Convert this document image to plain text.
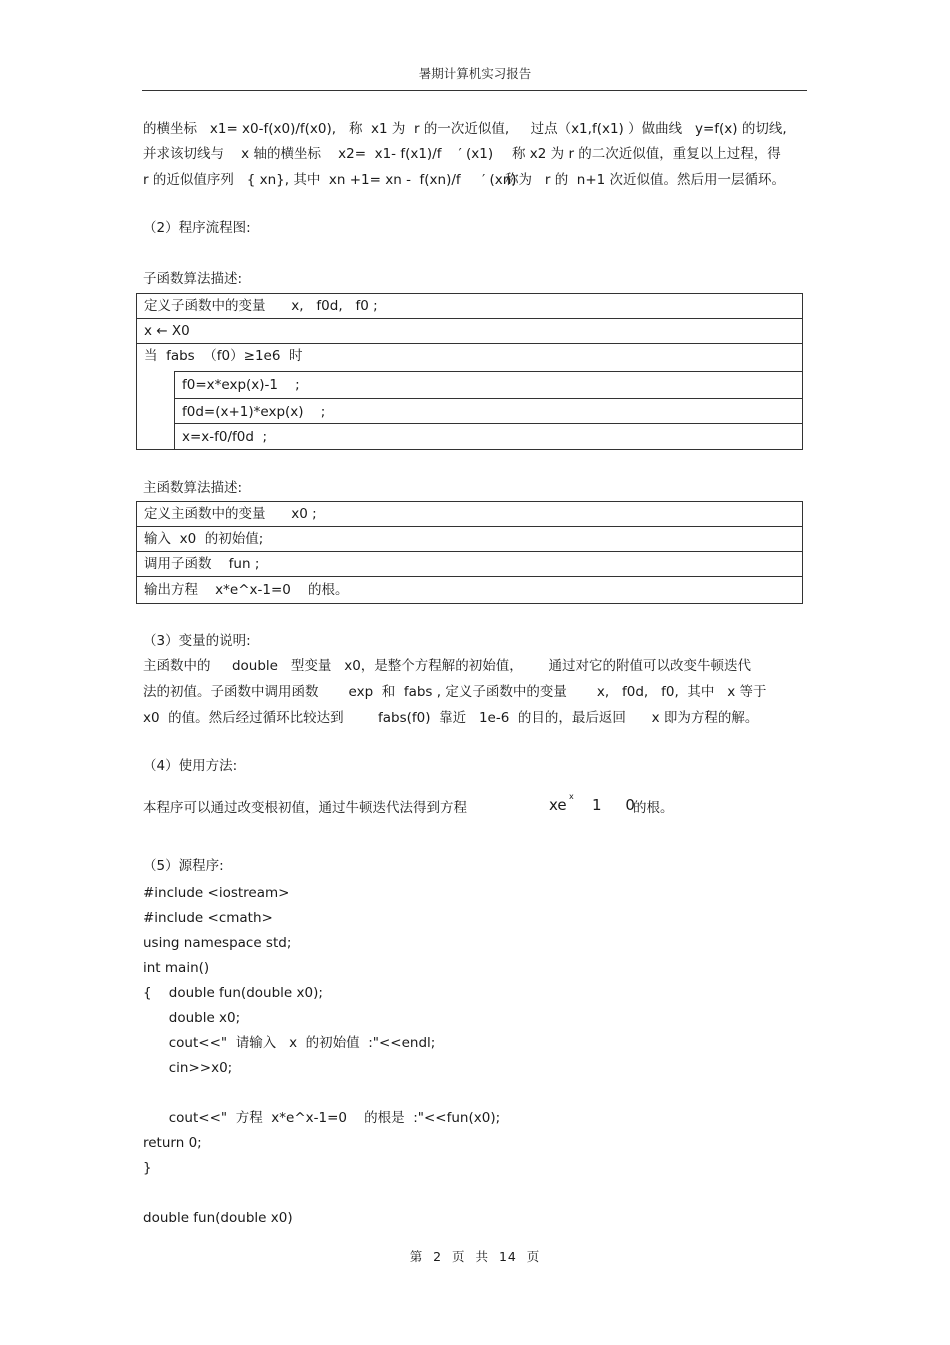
暑期计算机实习报告
的横坐标   x1= x0-f(x0)/f(x0),   称  x1 为  r 的一次近似值,     过点（x1,f(x1) ）做曲线   y=f(x) 的切线,
并求该切线与    x 轴的横坐标    x2=  x1- f(x1)/f    ′ (x1) 称 x2 为 r 的二次近似值，重复以上过程，得
r 的近似值序列   { xn}, 其中  xn +1= xn -  f(xn)/f     ′ (xn)
称为   r 的  n+1 次近似值。然后用一层循环。
（2）程序流程图:
子函数算法描述:
定义子函数中的变量      x,   f0d,   f0 ;
x ← X0
当  fabs  （f0）≥1e6  时
f0=x*exp(x)-1    ;
f0d=(x+1)*exp(x)    ;
x=x-f0/f0d  ;
主函数算法描述:
定义主函数中的变量      x0 ;
输入  x0  的初始值;
调用子函数    fun ;
输出方程    x*e^x-1=0    的根。
（3）变量的说明:
主函数中的     double   型变量   x0，是整个方程解的初始值，      通过对它的附值可以改变牛顿迭代
法的初值。子函数中调用函数       exp  和  fabs , 定义子函数中的变量       x,   f0d,   f0,  其中   x 等于
x0  的值。然后经过循环比较达到        fabs(f0)  靠近   1e-6  的目的，最后返回      x 即为方程的解。
（4）使用方法:
本程序可以通过改变根初值，通过牛顿迭代法得到方程	xe x 1     0
的根。
（5）源程序:
#include <iostream>
#include <cmath>
using namespace std;
int main()
{    double fun(double x0);
double x0;
cout<<"  请输入   x  的初始值  :"<<endl;
cin>>x0;
cout<<"  方程  x*e^x-1=0    的根是  :"<<fun(x0);
return 0;
}
double fun(double x0)
第  2  页  共  14  页
